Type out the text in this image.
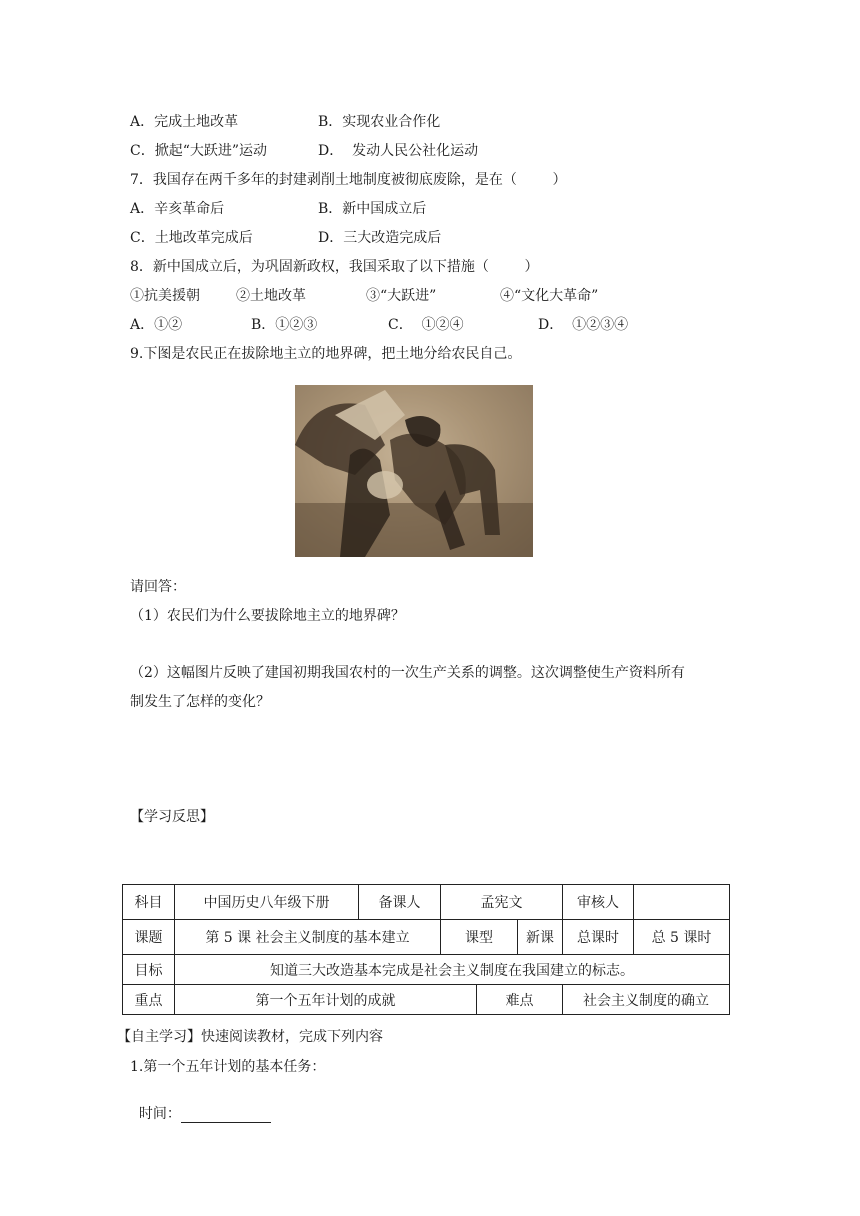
A．完成土地改革	B．实现农业合作化
C．掀起“大跃进”运动	D．  发动人民公社化运动
7．我国存在两千多年的封建剥削土地制度被彻底废除，是在（        ）
A．辛亥革命后	B．新中国成立后
C．土地改革完成后	D．三大改造完成后
8．新中国成立后，为巩固新政权，我国采取了以下措施（        ）
①抗美援朝	②土地改革	③“大跃进”	④“文化大革命”
A．①②	B．①②③	C．  ①②④	D．  ①②③④
9.下图是农民正在拔除地主立的地界碑，把土地分给农民自己。
请回答：
（1）农民们为什么要拔除地主立的地界碑？
（2）这幅图片反映了建国初期我国农村的一次生产关系的调整。这次调整使生产资料所有
制发生了怎样的变化？
【学习反思】
【自主学习】快速阅读教材，完成下列内容
1.第一个五年计划的基本任务：
科目	中国历史八年级下册	备课人	孟宪文			审核人	
课题	第 5 课 社会主义制度的基本建立		课型		新课	总课时	总 5 课时
目标	知道三大改造基本完成是社会主义制度在我国建立的标志。						
重点	第一个五年计划的成就			难点		社会主义制度的确立	

时间：
